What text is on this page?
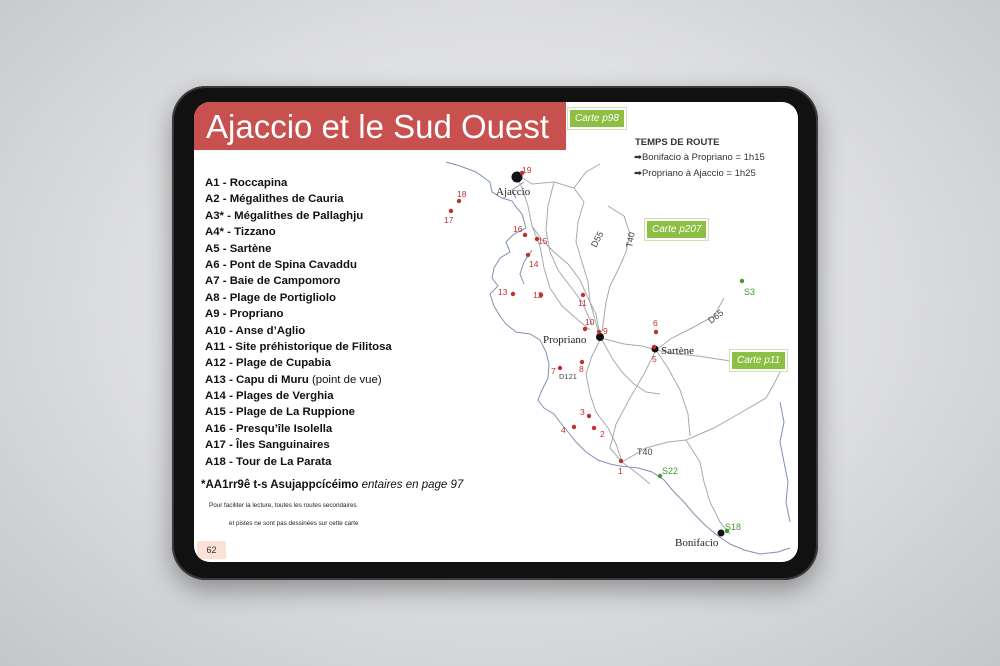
Ajaccio
Propriano
Sartène
Bonifacio
D55 T40
D65
D121
T40
1
2
3
4
5
6
7	8
9
10
11
12
13
14
15
16
17
18
19
S3
S22
S18
Ajaccio et le Sud Ouest	Carte p98
Carte p207
Carte p11
TEMPS DE ROUTE
➡Bonifacio à Propriano = 1h15
➡Propriano à Ajaccio = 1h25
A1 - Roccapina
A2 - Mégalithes de Cauria
A3* - Mégalithes de Pallaghju
A4* - Tizzano
A5 - Sartène
A6 - Pont de Spina Cavaddu
A7 - Baie de Campomoro
A8 - Plage de Portigliolo
A9 - Propriano
A10 - Anse d’Aglio
A11 - Site préhistorique de Filitosa
A12 - Plage de Cupabia
A13 - Capu di Muru (point de vue)
A14 - Plages de Verghia
A15 - Plage de La Ruppione
A16 - Presqu’île Isolella
A17 - Îles Sanguinaires
A18 - Tour de La Parata
*AA1rr9ê t-s Asujappcícéimo entaires en page 97
Pour faciliter la lecture, toutes les routes secondaires
et pistes ne sont pas dessinées sur cette carte
62
